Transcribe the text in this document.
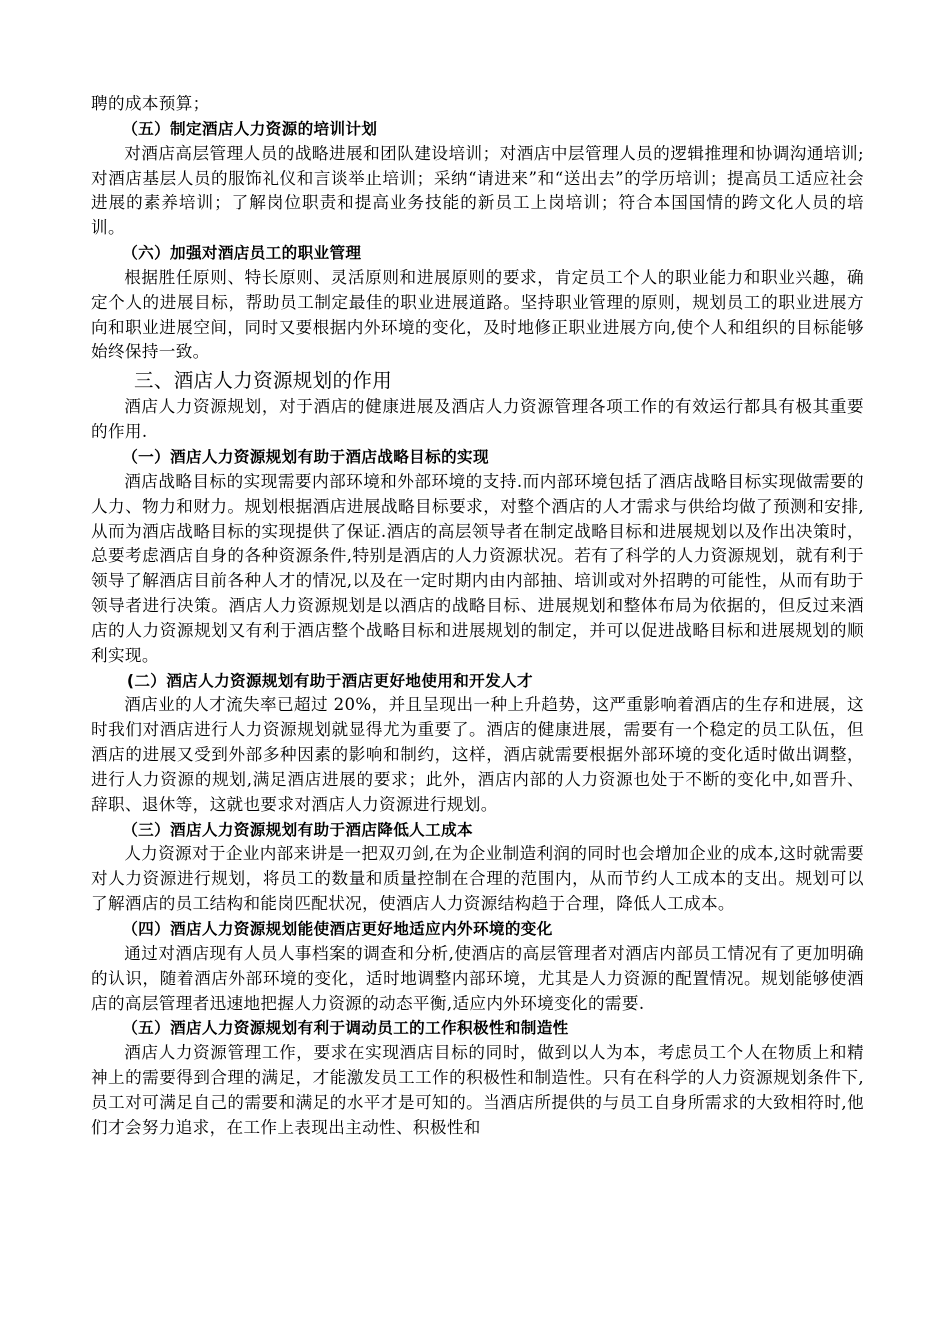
聘的成本预算；

（五）制定酒店人力资源的培训计划

对酒店高层管理人员的战略进展和团队建设培训；对酒店中层管理人员的逻辑推理和协调沟通培训;对酒店基层人员的服饰礼仪和言谈举止培训；采纳“请进来”和“送出去”的学历培训；提高员工适应社会进展的素养培训；了解岗位职责和提高业务技能的新员工上岗培训；符合本国国情的跨文化人员的培训。

（六）加强对酒店员工的职业管理

根据胜任原则、特长原则、灵活原则和进展原则的要求，肯定员工个人的职业能力和职业兴趣，确定个人的进展目标，帮助员工制定最佳的职业进展道路。坚持职业管理的原则，规划员工的职业进展方向和职业进展空间，同时又要根据内外环境的变化，及时地修正职业进展方向,使个人和组织的目标能够始终保持一致。

三、酒店人力资源规划的作用

酒店人力资源规划，对于酒店的健康进展及酒店人力资源管理各项工作的有效运行都具有极其重要的作用.

（一）酒店人力资源规划有助于酒店战略目标的实现

酒店战略目标的实现需要内部环境和外部环境的支持.而内部环境包括了酒店战略目标实现做需要的人力、物力和财力。规划根据酒店进展战略目标要求，对整个酒店的人才需求与供给均做了预测和安排,从而为酒店战略目标的实现提供了保证.酒店的高层领导者在制定战略目标和进展规划以及作出决策时，总要考虑酒店自身的各种资源条件,特别是酒店的人力资源状况。若有了科学的人力资源规划，就有利于领导了解酒店目前各种人才的情况,以及在一定时期内由内部抽、培训或对外招聘的可能性，从而有助于领导者进行决策。酒店人力资源规划是以酒店的战略目标、进展规划和整体布局为依据的，但反过来酒店的人力资源规划又有利于酒店整个战略目标和进展规划的制定，并可以促进战略目标和进展规划的顺利实现。

(二）酒店人力资源规划有助于酒店更好地使用和开发人才

酒店业的人才流失率已超过 20%，并且呈现出一种上升趋势，这严重影响着酒店的生存和进展，这时我们对酒店进行人力资源规划就显得尤为重要了。酒店的健康进展，需要有一个稳定的员工队伍，但酒店的进展又受到外部多种因素的影响和制约，这样，酒店就需要根据外部环境的变化适时做出调整，进行人力资源的规划,满足酒店进展的要求；此外，酒店内部的人力资源也处于不断的变化中,如晋升、辞职、退休等，这就也要求对酒店人力资源进行规划。

（三）酒店人力资源规划有助于酒店降低人工成本

人力资源对于企业内部来讲是一把双刃剑,在为企业制造利润的同时也会增加企业的成本,这时就需要对人力资源进行规划，将员工的数量和质量控制在合理的范围内，从而节约人工成本的支出。规划可以了解酒店的员工结构和能岗匹配状况，使酒店人力资源结构趋于合理，降低人工成本。

（四）酒店人力资源规划能使酒店更好地适应内外环境的变化

通过对酒店现有人员人事档案的调查和分析,使酒店的高层管理者对酒店内部员工情况有了更加明确的认识，随着酒店外部环境的变化，适时地调整内部环境，尤其是人力资源的配置情况。规划能够使酒店的高层管理者迅速地把握人力资源的动态平衡,适应内外环境变化的需要.

（五）酒店人力资源规划有利于调动员工的工作积极性和制造性

酒店人力资源管理工作，要求在实现酒店目标的同时，做到以人为本，考虑员工个人在物质上和精神上的需要得到合理的满足，才能激发员工工作的积极性和制造性。只有在科学的人力资源规划条件下,员工对可满足自己的需要和满足的水平才是可知的。当酒店所提供的与员工自身所需求的大致相符时,他们才会努力追求，在工作上表现出主动性、积极性和
